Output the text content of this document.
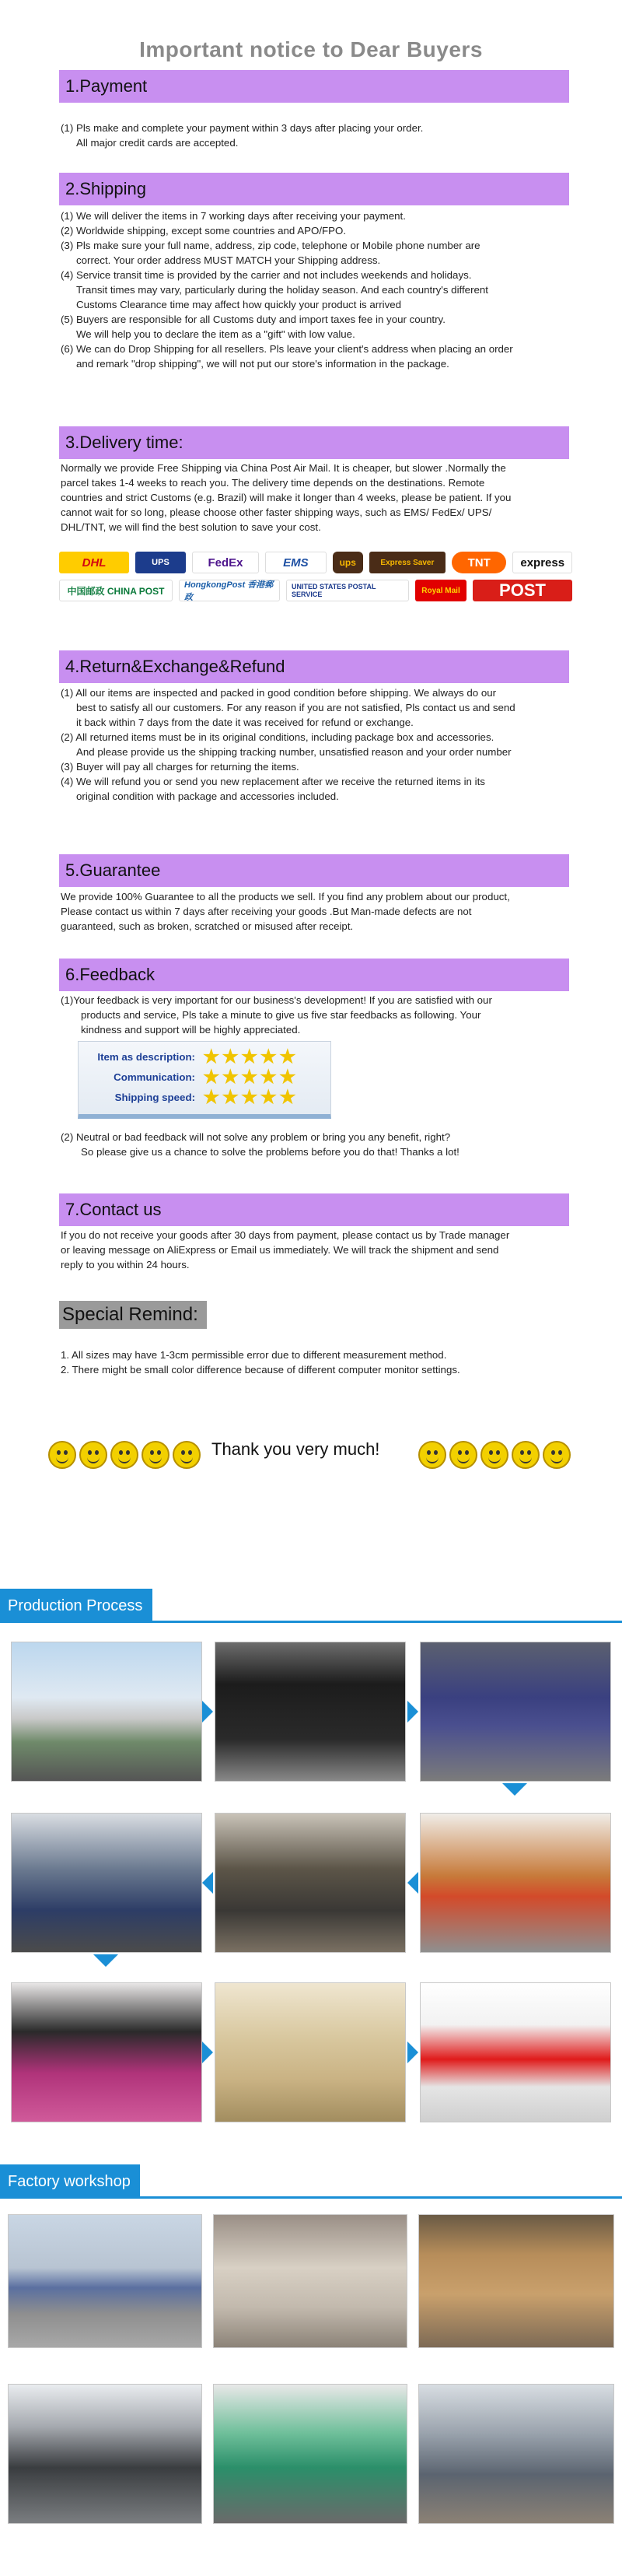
Important notice to Dear Buyers
1.Payment

(1) Pls make and complete your payment within 3 days after placing your order.

All major credit cards are accepted.

2.Shipping

(1) We will deliver the items in 7 working days after receiving your payment.

(2) Worldwide shipping, except some countries and APO/FPO.

(3) Pls make sure your full name, address, zip code, telephone or Mobile phone number are

correct. Your order address MUST MATCH your Shipping address.

(4) Service transit time is provided by the carrier and not includes weekends and holidays.

Transit times may vary, particularly during the holiday season. And each country's different

Customs Clearance time may affect how quickly your product is arrived

(5) Buyers are responsible for all Customs duty and import taxes fee in your country.

We will help you to declare the item as a "gift" with low value.

(6) We can do Drop Shipping for all resellers. Pls leave your client's address when placing an order

and remark "drop shipping", we will not put our store's information in the package.

3.Delivery time:

Normally we provide Free Shipping via China Post Air Mail. It is cheaper, but slower .Normally the

parcel takes 1-4 weeks to reach you. The delivery time depends on the destinations. Remote

countries and strict Customs (e.g. Brazil) will make it longer than 4 weeks, please be patient. If you

cannot wait for so long, please choose other faster shipping ways, such as EMS/ FedEx/ UPS/

DHL/TNT, we will find the best solution to save your cost.

DHL	UPS	FedEx	EMS	ups	Express Saver	TNT	express
中国邮政 CHINA POST
HongkongPost 香港郵政
UNITED STATES POSTAL SERVICE	Royal Mail	POST
4.Return&Exchange&Refund

(1) All our items are inspected and packed in good condition before shipping. We always do our

best to satisfy all our customers. For any reason if you are not satisfied, Pls contact us and send

it back within 7 days from the date it was received for refund or exchange.

(2) All returned items must be in its original conditions, including package box and accessories.

And please provide us the shipping tracking number, unsatisfied reason and your order number

(3) Buyer will pay all charges for returning the items.

(4) We will refund you or send you new replacement after we receive the returned items in its

original condition with package and accessories included.

5.Guarantee

We provide 100% Guarantee to all the products we sell. If you find any problem about our product,

Please contact us within 7 days after receiving your goods .But Man-made defects are not

guaranteed, such as broken, scratched or misused after receipt.

6.Feedback

(1)Your feedback is very important for our business's development! If you are satisfied with our

products and service, Pls take a minute to give us five star feedbacks as following. Your

kindness and support will be highly appreciated.

Item as description: ★★★★★
Communication: ★★★★★
Shipping speed: ★★★★★

(2) Neutral or bad feedback will not solve any problem or bring you any benefit, right?

So please give us a chance to solve the problems before you do that! Thanks a lot!

7.Contact us

If you do not receive your goods after 30 days from payment, please contact us by Trade manager

or leaving message on AliExpress or Email us immediately. We will track the shipment and send

reply to you within 24 hours.

Special Remind:

1. All sizes may have 1-3cm permissible error due to different measurement method.

2. There might be small color difference because of different computer monitor settings.

Thank you very much!
Production Process
Factory workshop
